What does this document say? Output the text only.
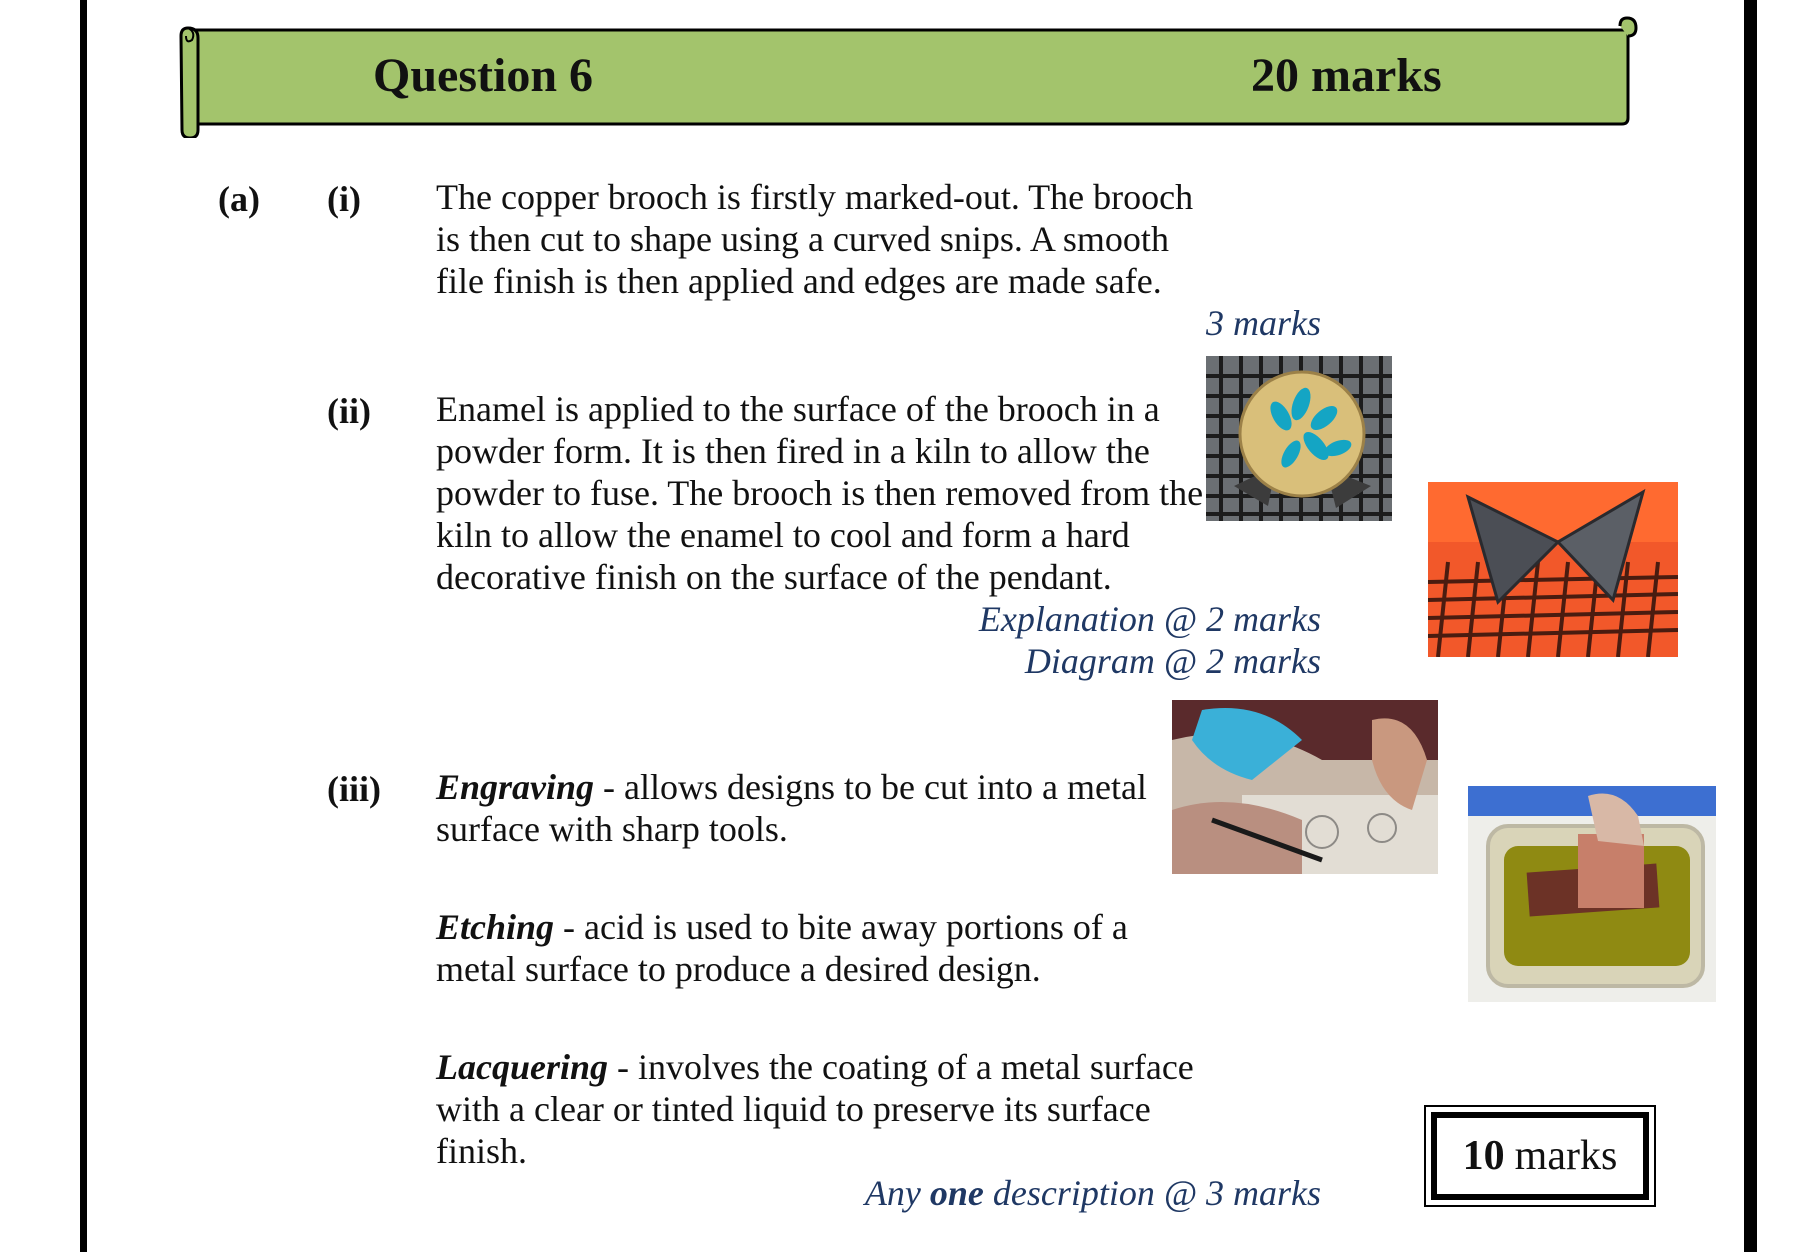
Question 6	20 marks
(a) (i) The copper brooch is firstly marked-out. The brooch is then cut to shape using a curved snips. A smooth file finish is then applied and edges are made safe.
3 marks
(ii) Enamel is applied to the surface of the brooch in a powder form. It is then fired in a kiln to allow the powder to fuse. The brooch is then removed from the kiln to allow the enamel to cool and form a hard decorative finish on the surface of the pendant.
Explanation @ 2 marks
Diagram @ 2 marks
(iii) Engraving - allows designs to be cut into a metal surface with sharp tools.
Etching - acid is used to bite away portions of a metal surface to produce a desired design.
Lacquering - involves the coating of a metal surface with a clear or tinted liquid to preserve its surface finish.
Any one description @ 3 marks
10 marks
